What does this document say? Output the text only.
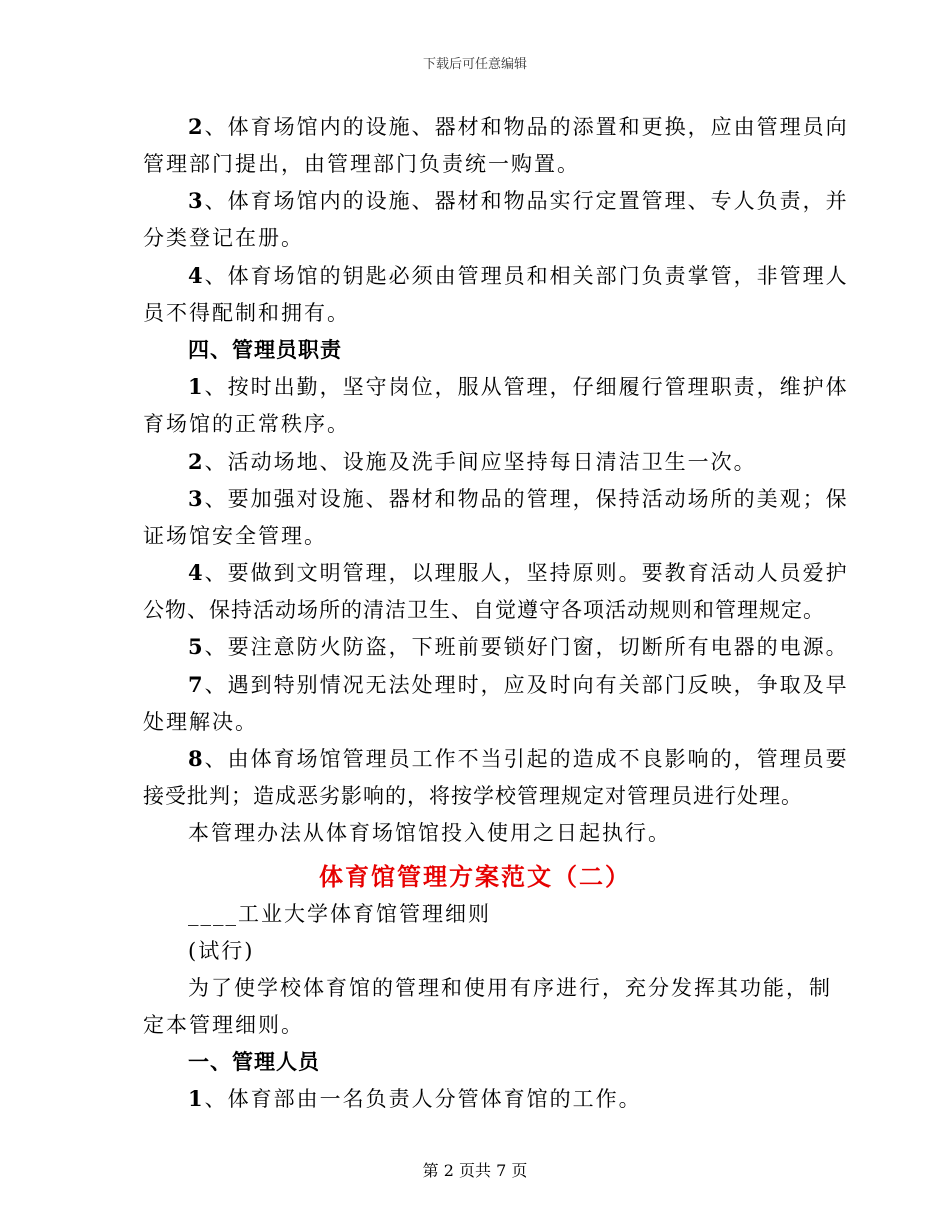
下载后可任意编辑
2、体育场馆内的设施、器材和物品的添置和更换，应由管理员向
管理部门提出，由管理部门负责统一购置。
3、体育场馆内的设施、器材和物品实行定置管理、专人负责，并
分类登记在册。
4、体育场馆的钥匙必须由管理员和相关部门负责掌管，非管理人
员不得配制和拥有。
四、管理员职责
1、按时出勤，坚守岗位，服从管理，仔细履行管理职责，维护体
育场馆的正常秩序。
2、活动场地、设施及洗手间应坚持每日清洁卫生一次。
3、要加强对设施、器材和物品的管理，保持活动场所的美观；保
证场馆安全管理。
4、要做到文明管理，以理服人，坚持原则。要教育活动人员爱护
公物、保持活动场所的清洁卫生、自觉遵守各项活动规则和管理规定。
5、要注意防火防盗，下班前要锁好门窗，切断所有电器的电源。
7、遇到特别情况无法处理时，应及时向有关部门反映，争取及早
处理解决。
8、由体育场馆管理员工作不当引起的造成不良影响的，管理员要
接受批判；造成恶劣影响的，将按学校管理规定对管理员进行处理。
本管理办法从体育场馆馆投入使用之日起执行。
体育馆管理方案范文（二）
____工业大学体育馆管理细则
(试行)
为了使学校体育馆的管理和使用有序进行，充分发挥其功能，制
定本管理细则。
一、管理人员
1、体育部由一名负责人分管体育馆的工作。
第 2 页共 7 页
